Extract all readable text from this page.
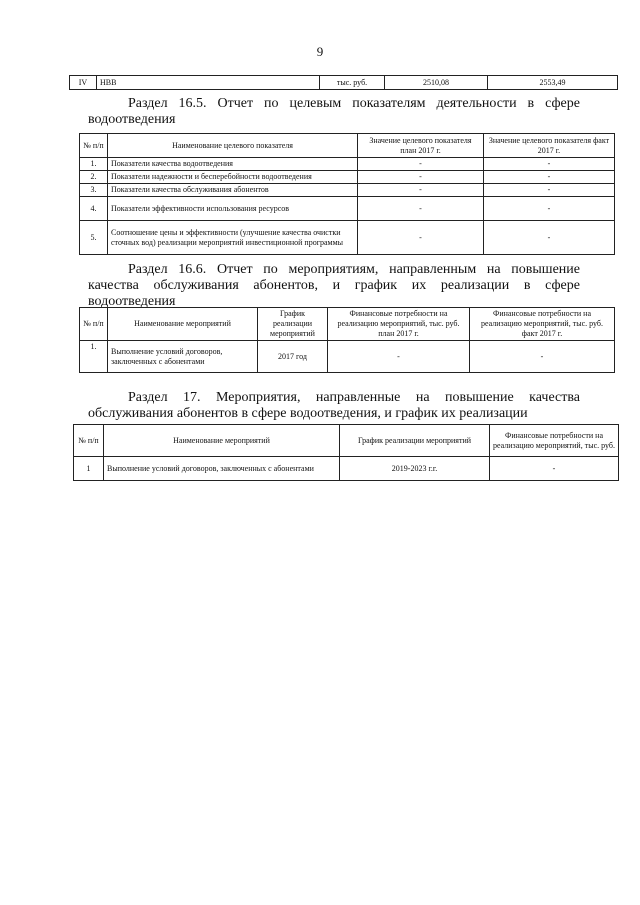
9
IV	НВВ	тыс. руб.	2510,08	2553,49
Раздел 16.5. Отчет по целевым показателям деятельности в сфере
водоотведения
№ п/п	Наименование целевого показателя	Значение целевого показателя план 2017 г.	Значение целевого показателя факт 2017 г.
1.	Показатели качества водоотведения	-	-
2.	Показатели надежности и бесперебойности водоотведения	-	-
3.	Показатели качества обслуживания абонентов	-	-
4.	Показатели эффективности использования ресурсов	-	-
5.	Соотношение цены и эффективности (улучшение качества очистки сточных вод) реализации мероприятий инвестиционной программы	-	-
Раздел 16.6. Отчет по мероприятиям, направленным на повышение
качества обслуживания абонентов, и график их реализации в сфере
водоотведения
№ п/п	Наименование мероприятий	График реализации мероприятий	Финансовые потребности на реализацию мероприятий, тыс. руб. план 2017 г.	Финансовые потребности на реализацию мероприятий, тыс. руб. факт 2017 г.
1.	Выполнение условий договоров, заключенных с абонентами	2017 год	-	-
Раздел 17. Мероприятия, направленные на повышение качества
обслуживания абонентов в сфере водоотведения, и график их реализации
№ п/п	Наименование мероприятий	График реализации мероприятий	Финансовые потребности на реализацию мероприятий, тыс. руб.
1	Выполнение условий договоров, заключенных с абонентами	2019-2023 г.г.	-
